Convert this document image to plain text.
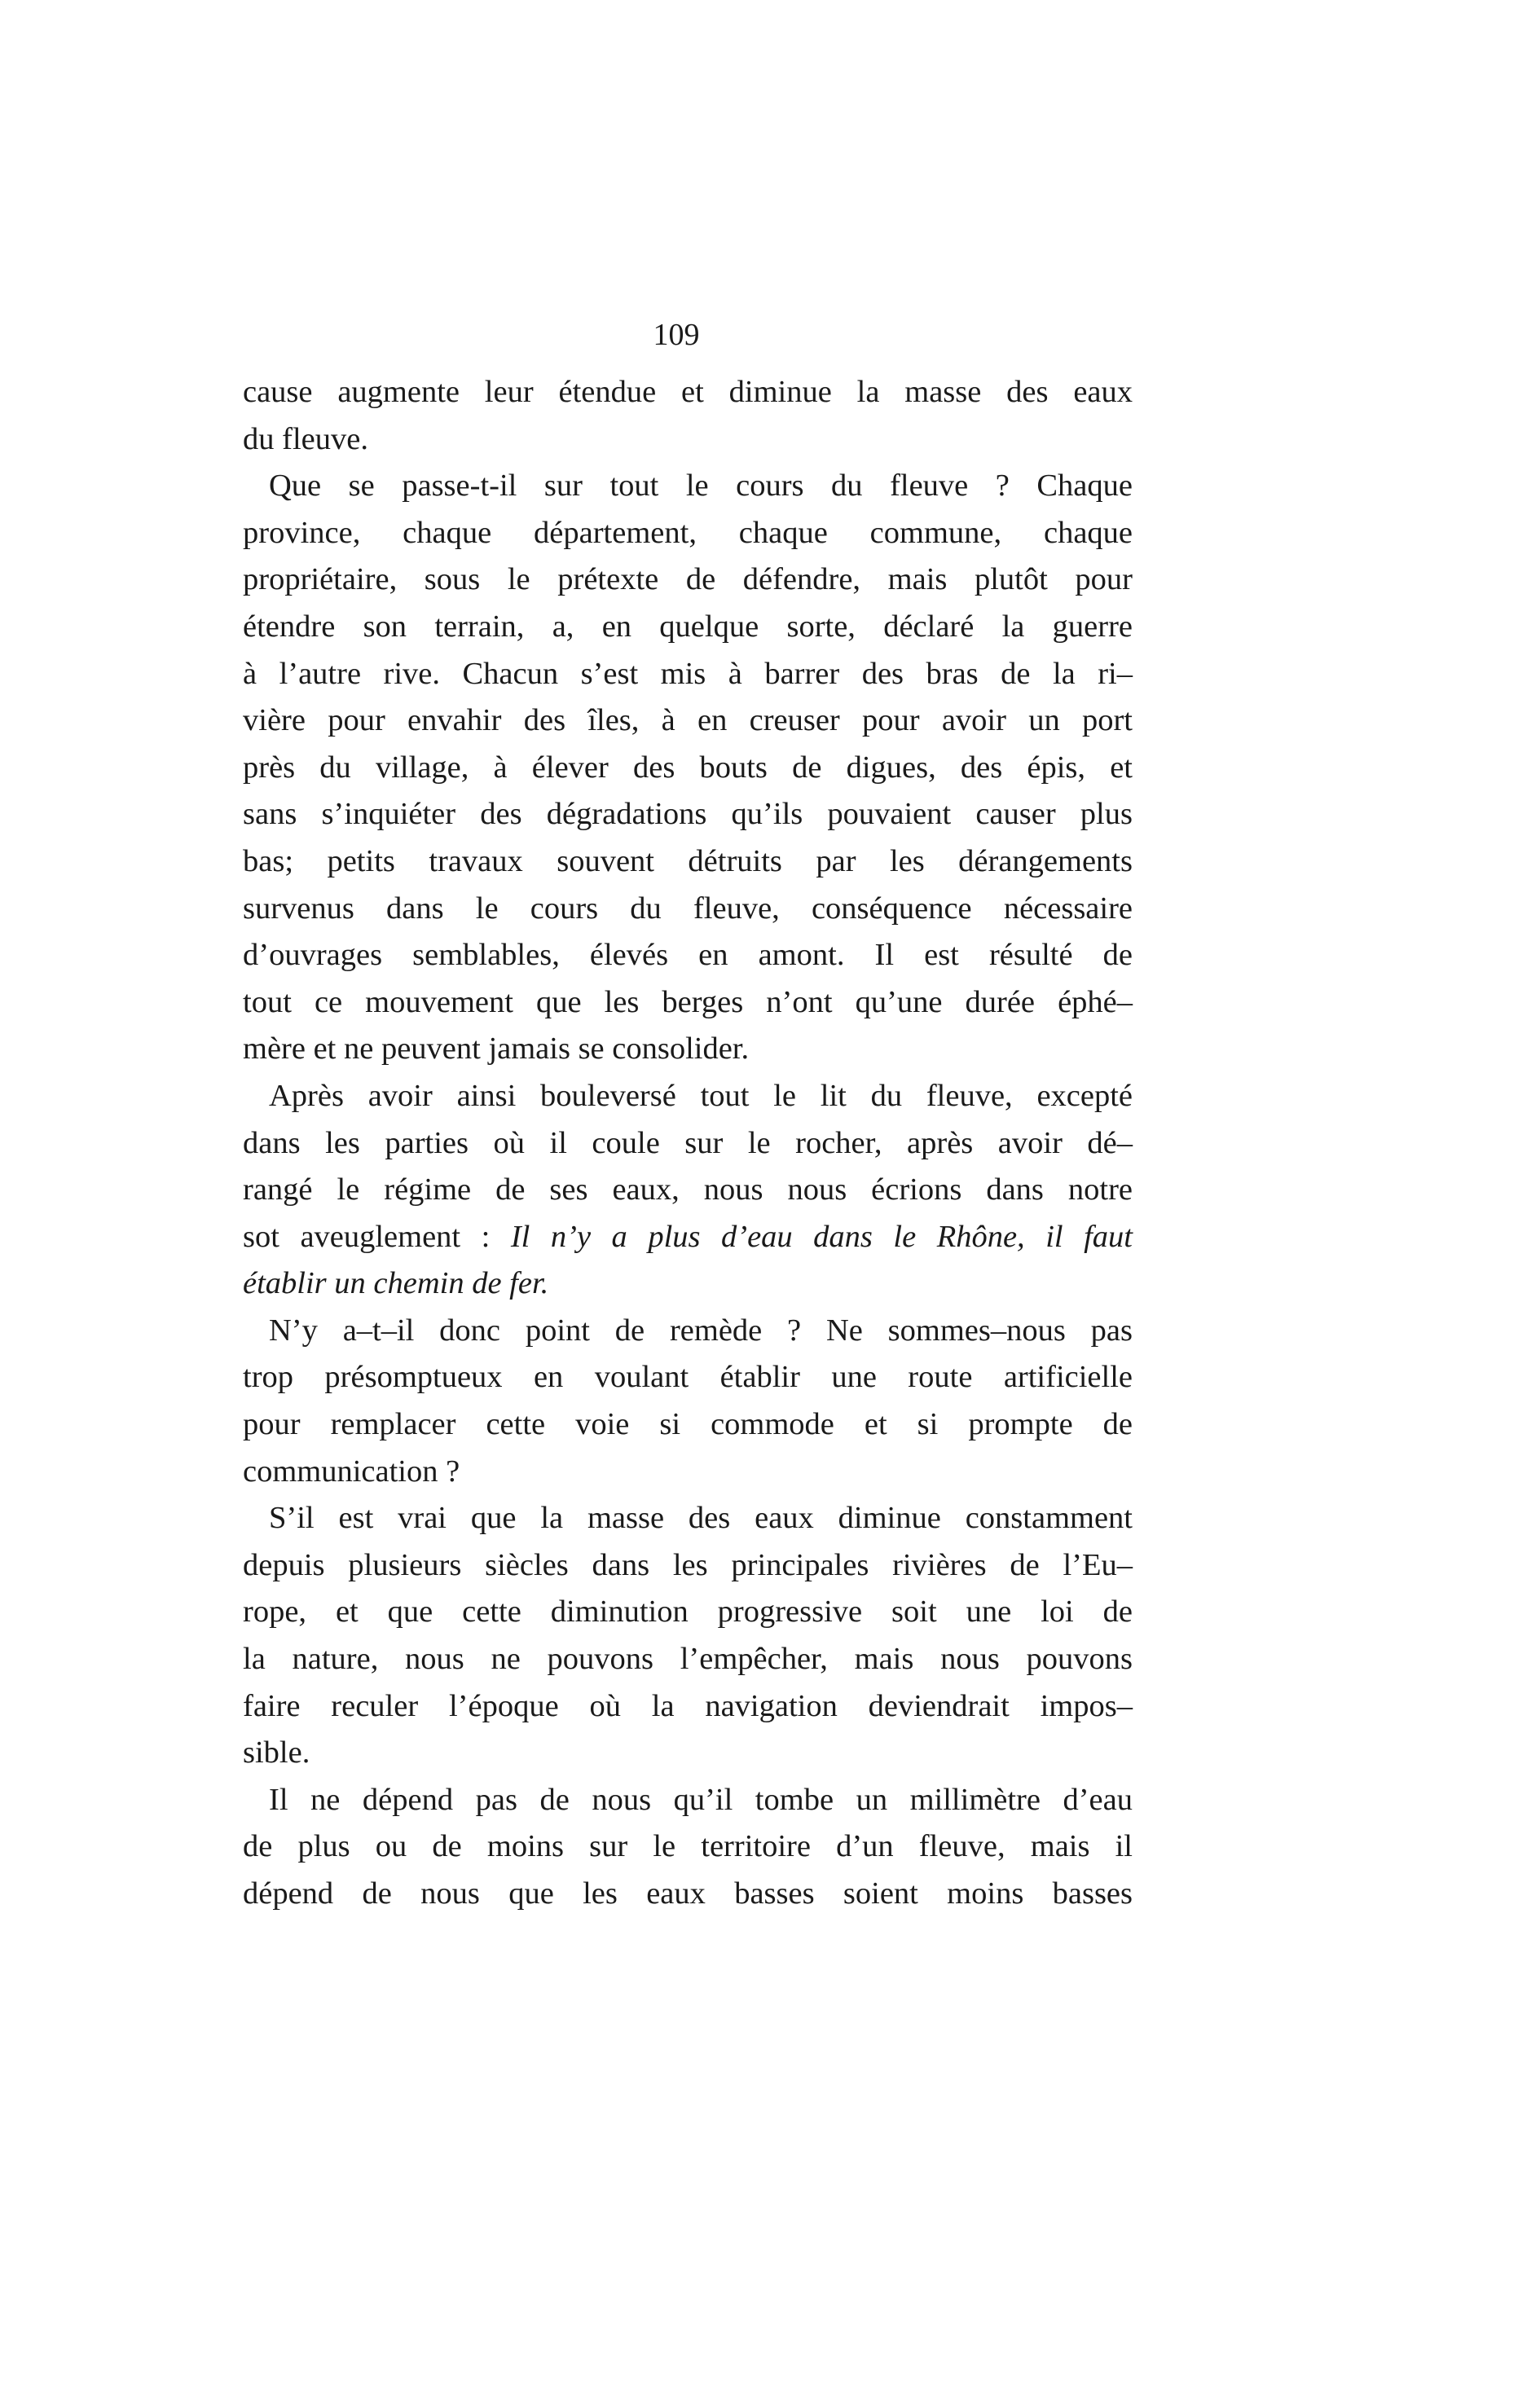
109
cause augmente leur étendue et diminue la masse des eaux
du fleuve.
Que se passe-t-il sur tout le cours du fleuve ? Chaque
province, chaque département, chaque commune, chaque
propriétaire, sous le prétexte de défendre, mais plutôt pour
étendre son terrain, a, en quelque sorte, déclaré la guerre
à l’autre rive. Chacun s’est mis à barrer des bras de la ri–
vière pour envahir des îles, à en creuser pour avoir un port
près du village, à élever des bouts de digues, des épis, et
sans s’inquiéter des dégradations qu’ils pouvaient causer plus
bas; petits travaux souvent détruits par les dérangements
survenus dans le cours du fleuve, conséquence nécessaire
d’ouvrages semblables, élevés en amont. Il est résulté de
tout ce mouvement que les berges n’ont qu’une durée éphé–
mère et ne peuvent jamais se consolider.
Après avoir ainsi bouleversé tout le lit du fleuve, excepté
dans les parties où il coule sur le rocher, après avoir dé–
rangé le régime de ses eaux, nous nous écrions dans notre
sot aveuglement : Il n’y a plus d’eau dans le Rhône, il faut
établir un chemin de fer.
N’y a–t–il donc point de remède ? Ne sommes–nous pas
trop présomptueux en voulant établir une route artificielle
pour remplacer cette voie si commode et si prompte de
communication ?
S’il est vrai que la masse des eaux diminue constamment
depuis plusieurs siècles dans les principales rivières de l’Eu–
rope, et que cette diminution progressive soit une loi de
la nature, nous ne pouvons l’empêcher, mais nous pouvons
faire reculer l’époque où la navigation deviendrait impos–
sible.
Il ne dépend pas de nous qu’il tombe un millimètre d’eau
de plus ou de moins sur le territoire d’un fleuve, mais il
dépend de nous que les eaux basses soient moins basses
